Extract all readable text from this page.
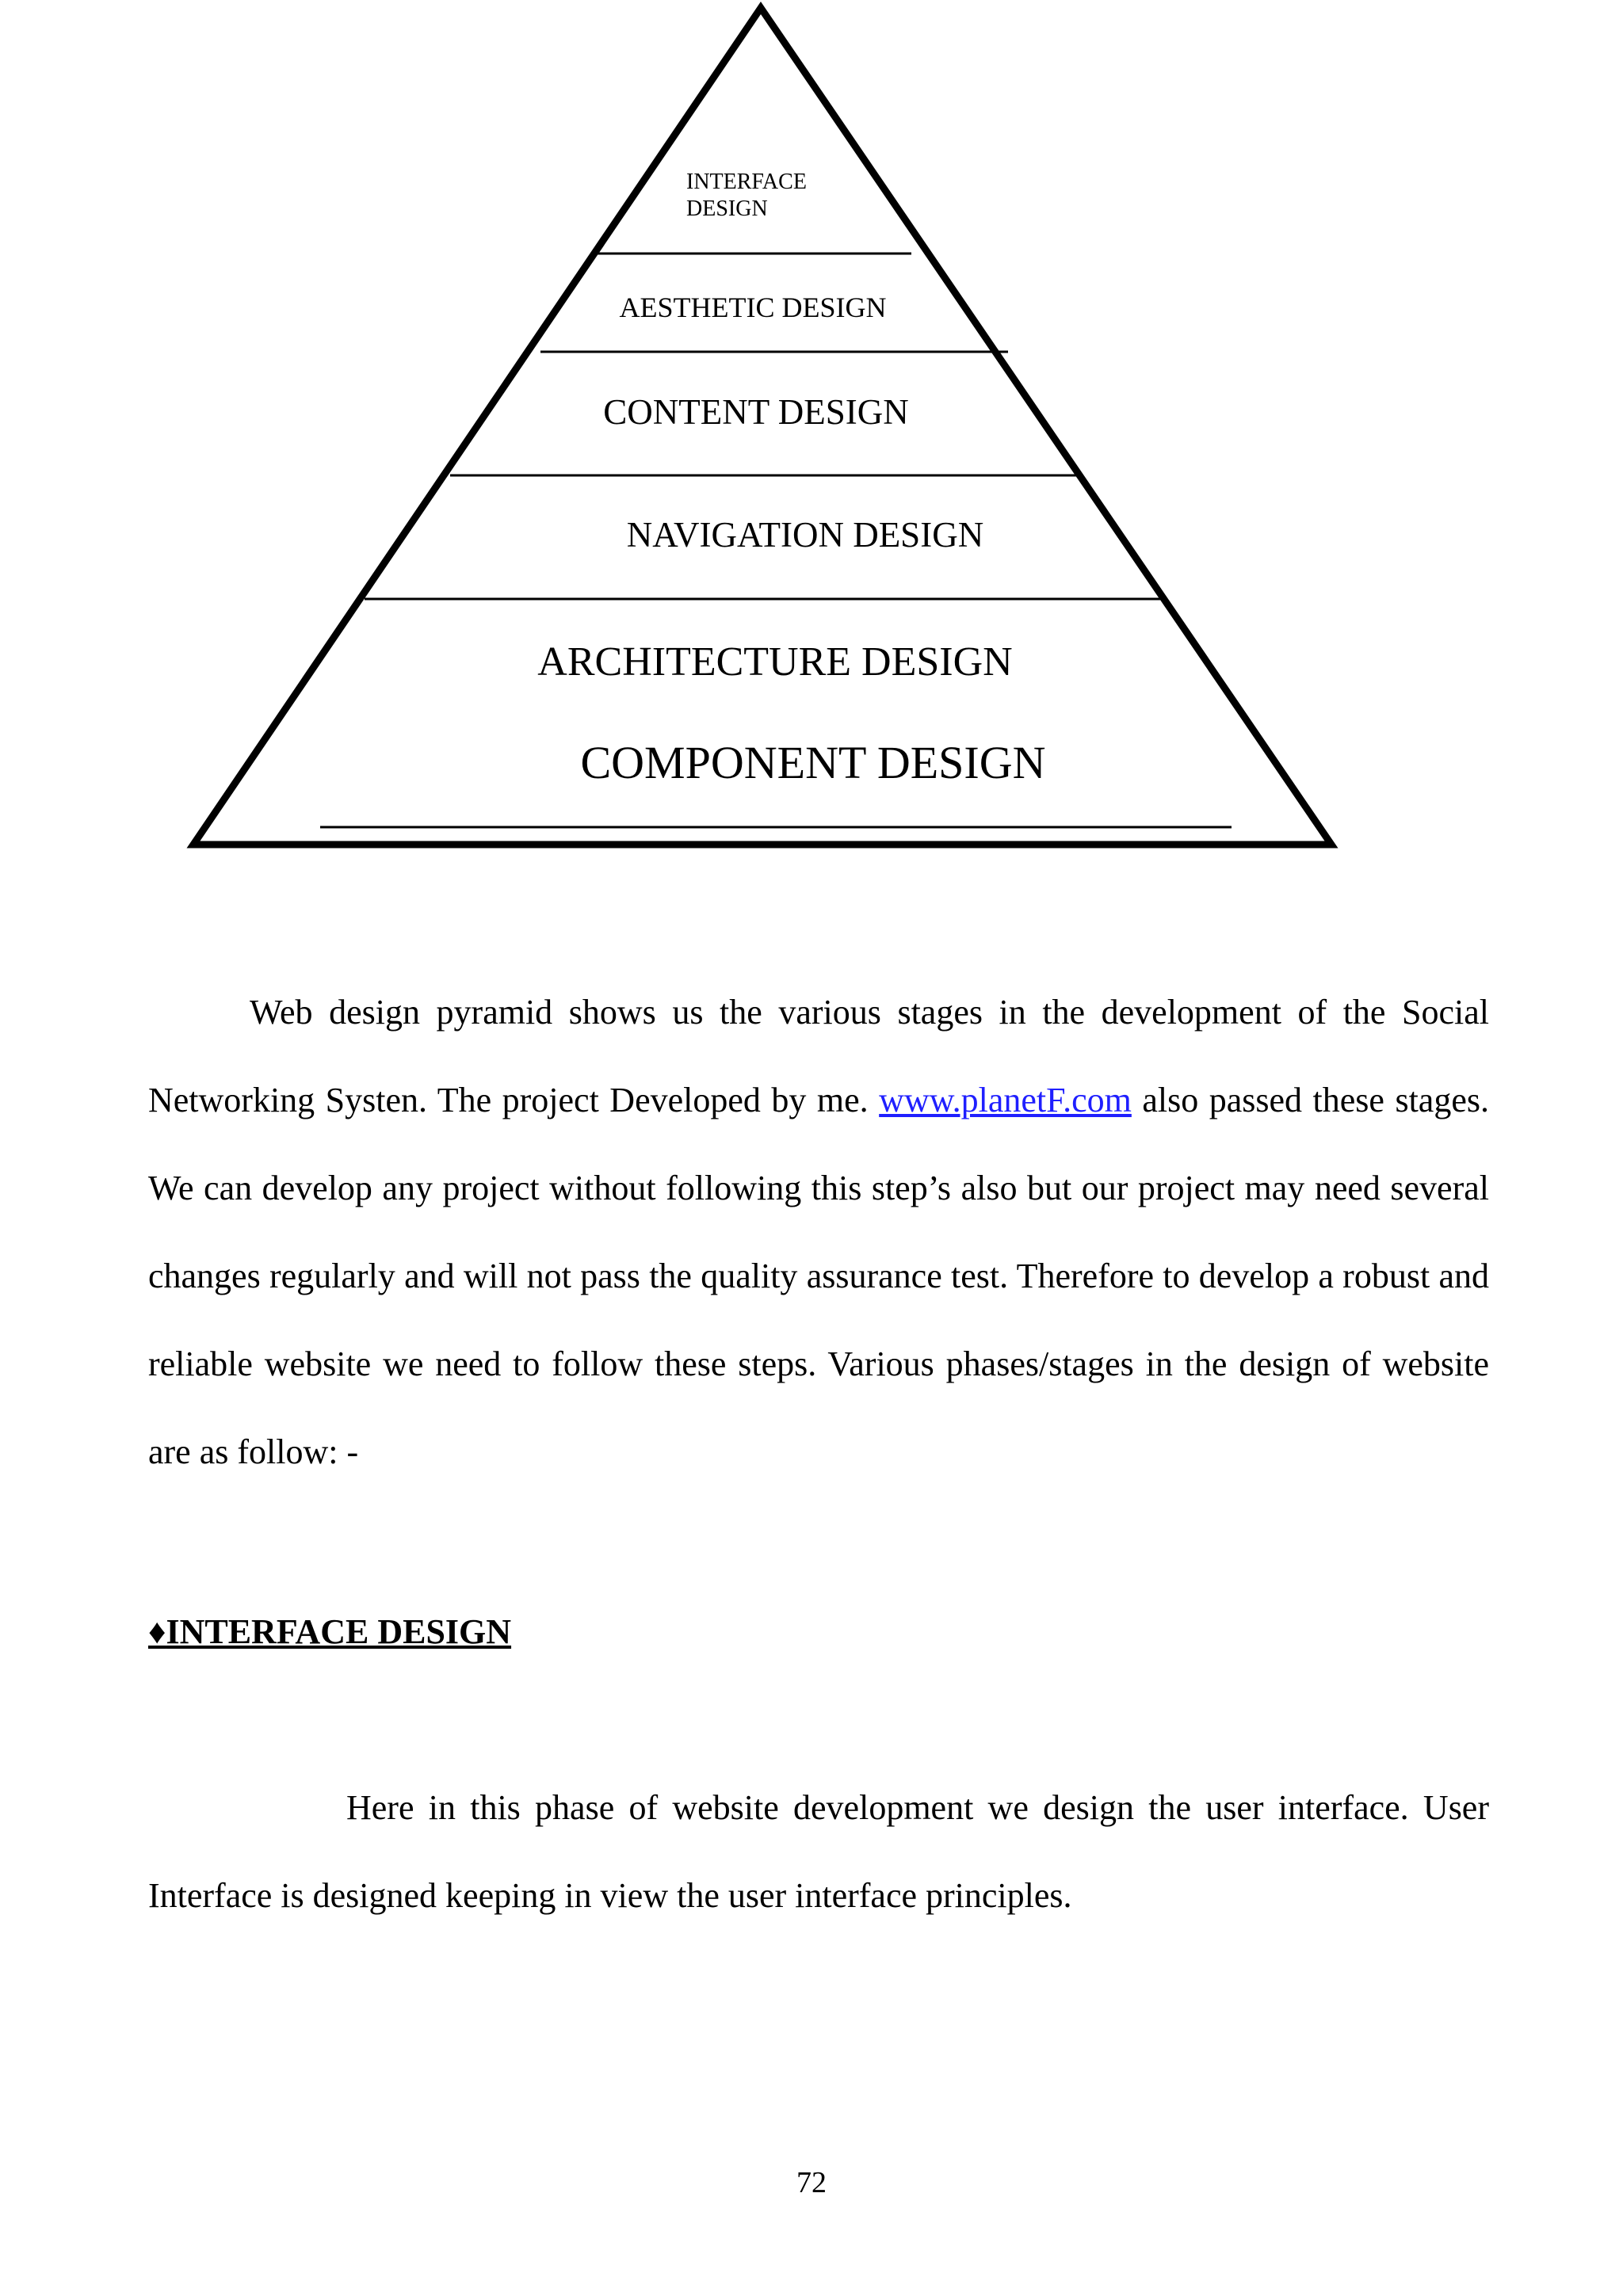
INTERFACE
DESIGN
AESTHETIC DESIGN
CONTENT DESIGN
NAVIGATION DESIGN
ARCHITECTURE DESIGN
COMPONENT DESIGN

Web design pyramid shows us the various stages in the development of the Social Networking Systen. The project Developed by me. www.planetF.com also passed these stages. We can develop any project without following this step’s also but our project may need several changes regularly and will not pass the quality assurance test. Therefore to develop a robust and reliable website we need to follow these steps. Various phases/stages in the design of website are as follow: -

♦INTERFACE DESIGN

Here in this phase of website development we design the user interface. User Interface is designed keeping in view the user interface principles.

72
